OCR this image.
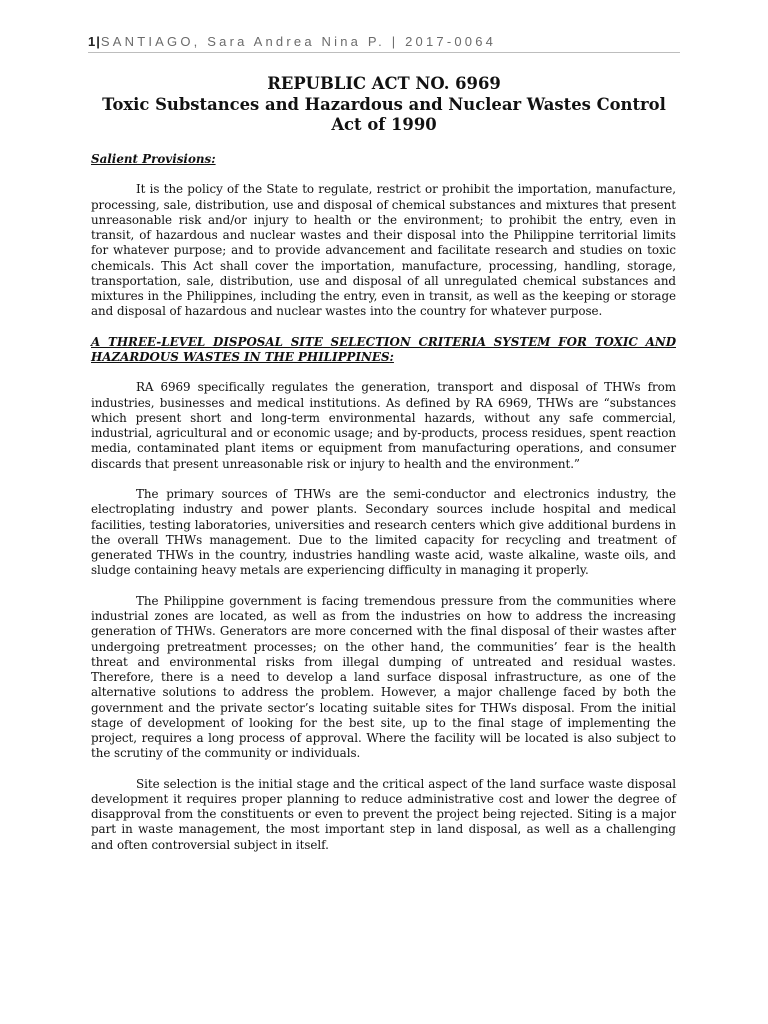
1|SANTIAGO, Sara Andrea Nina P. | 2017-0064
REPUBLIC ACT NO. 6969
Toxic Substances and Hazardous and Nuclear Wastes Control
Act of 1990
Salient Provisions:

It is the policy of the State to regulate, restrict or prohibit the importation, manufacture, processing, sale, distribution, use and disposal of chemical substances and mixtures that present unreasonable risk and/or injury to health or the environment; to prohibit the entry, even in transit, of hazardous and nuclear wastes and their disposal into the Philippine territorial limits for whatever purpose; and to provide advancement and facilitate research and studies on toxic chemicals. This Act shall cover the importation, manufacture, processing, handling, storage, transportation, sale, distribution, use and disposal of all unregulated chemical substances and mixtures in the Philippines, including the entry, even in transit, as well as the keeping or storage and disposal of hazardous and nuclear wastes into the country for whatever purpose.

A THREE-LEVEL DISPOSAL SITE SELECTION CRITERIA SYSTEM FOR TOXIC AND HAZARDOUS WASTES IN THE PHILIPPINES:

RA 6969 specifically regulates the generation, transport and disposal of THWs from industries, businesses and medical institutions. As defined by RA 6969, THWs are “substances which present short and long-term environmental hazards, without any safe commercial, industrial, agricultural and or economic usage; and by-products, process residues, spent reaction media, contaminated plant items or equipment from manufacturing operations, and consumer discards that present unreasonable risk or injury to health and the environment.”

The primary sources of THWs are the semi-conductor and electronics industry, the electroplating industry and power plants. Secondary sources include hospital and medical facilities, testing laboratories, universities and research centers which give additional burdens in the overall THWs management. Due to the limited capacity for recycling and treatment of generated THWs in the country, industries handling waste acid, waste alkaline, waste oils, and sludge containing heavy metals are experiencing difficulty in managing it properly.

The Philippine government is facing tremendous pressure from the communities where industrial zones are located, as well as from the industries on how to address the increasing generation of THWs. Generators are more concerned with the final disposal of their wastes after undergoing pretreatment processes; on the other hand, the communities’ fear is the health threat and environmental risks from illegal dumping of untreated and residual wastes. Therefore, there is a need to develop a land surface disposal infrastructure, as one of the alternative solutions to address the problem. However, a major challenge faced by both the government and the private sector’s locating suitable sites for THWs disposal. From the initial stage of development of looking for the best site, up to the final stage of implementing the project, requires a long process of approval. Where the facility will be located is also subject to the scrutiny of the community or individuals.

Site selection is the initial stage and the critical aspect of the land surface waste disposal development it requires proper planning to reduce administrative cost and lower the degree of disapproval from the constituents or even to prevent the project being rejected. Siting is a major part in waste management, the most important step in land disposal, as well as a challenging and often controversial subject in itself.
